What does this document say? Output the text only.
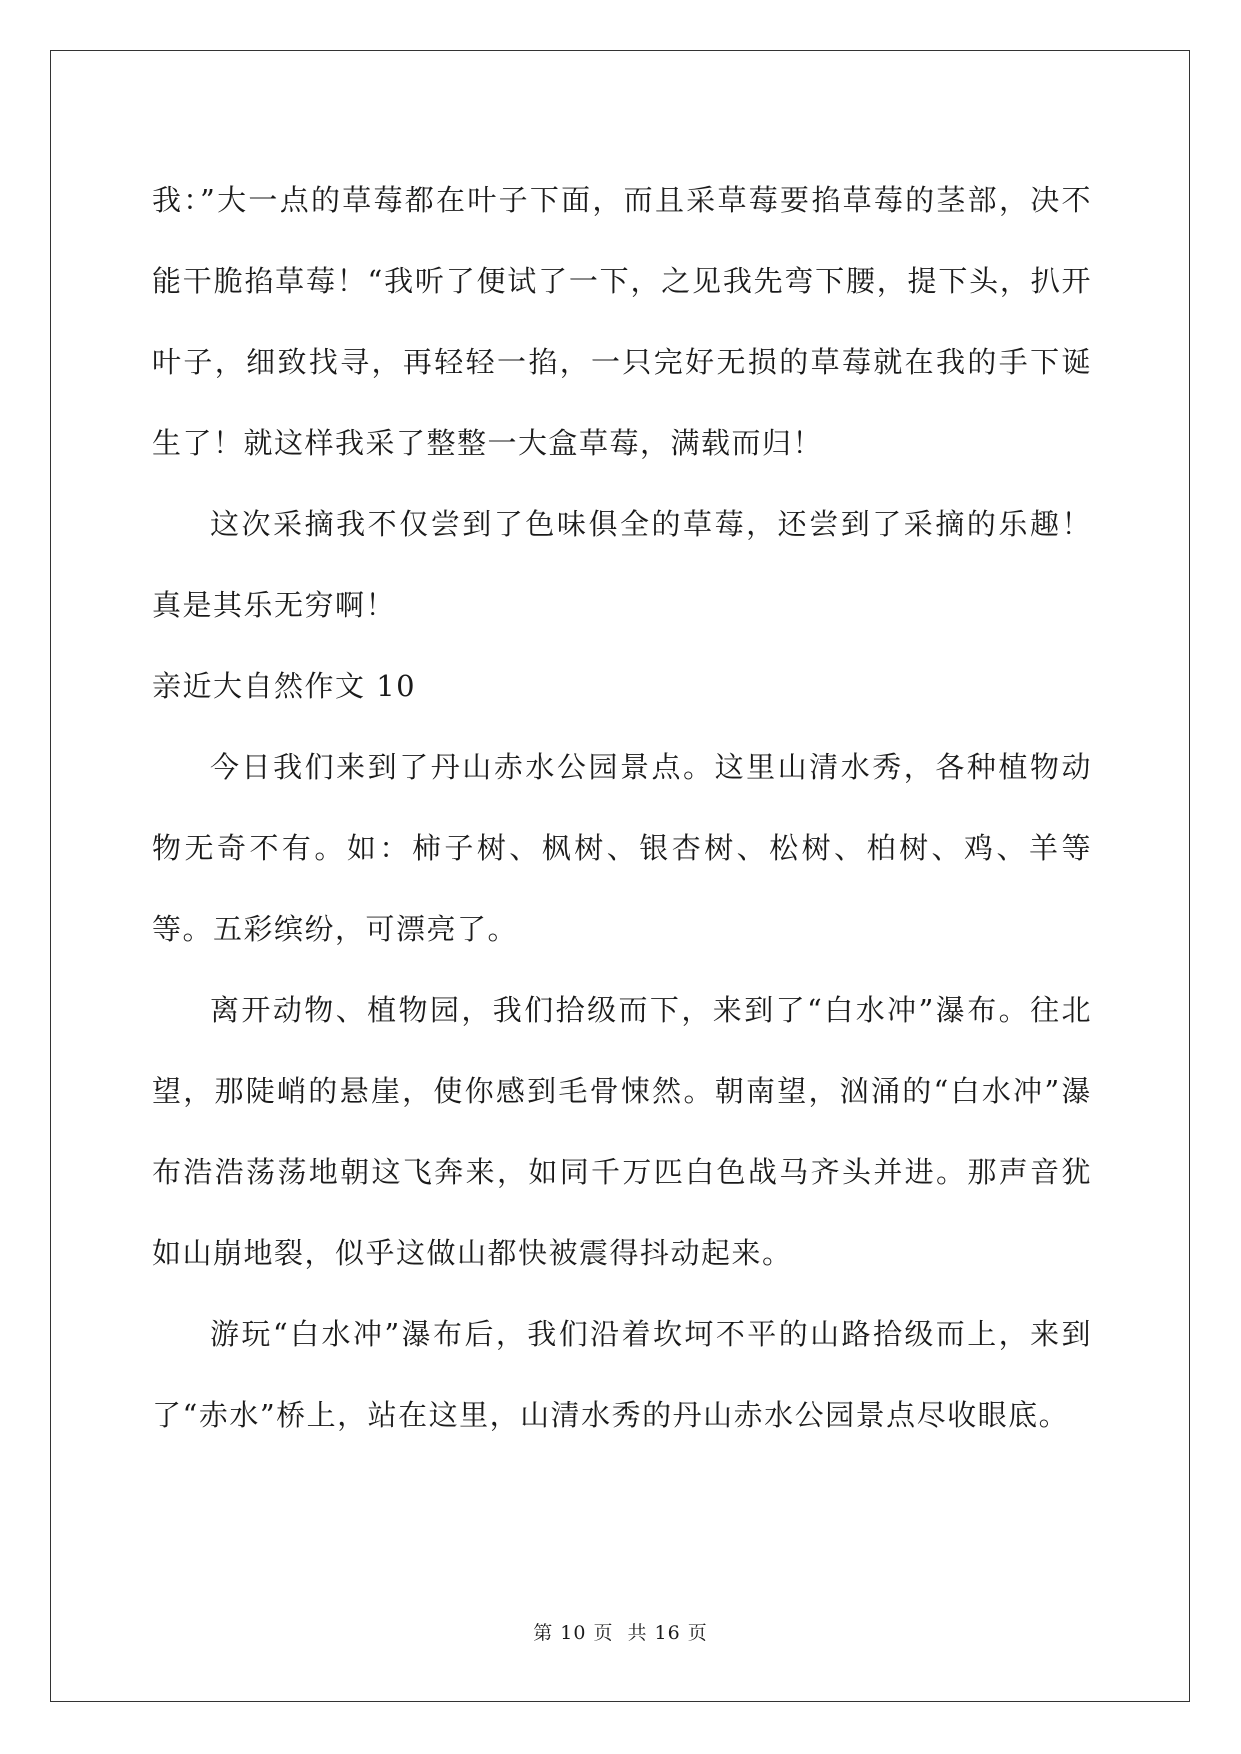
我：”大一点的草莓都在叶子下面，而且采草莓要掐草莓的茎部，决不能干脆掐草莓！“我听了便试了一下，之见我先弯下腰，提下头，扒开叶子，细致找寻，再轻轻一掐，一只完好无损的草莓就在我的手下诞生了！就这样我采了整整一大盒草莓，满载而归！

这次采摘我不仅尝到了色味俱全的草莓，还尝到了采摘的乐趣！真是其乐无穷啊！

亲近大自然作文 10

今日我们来到了丹山赤水公园景点。这里山清水秀，各种植物动物无奇不有。如：柿子树、枫树、银杏树、松树、柏树、鸡、羊等等。五彩缤纷，可漂亮了。

离开动物、植物园，我们拾级而下，来到了“白水冲”瀑布。往北望，那陡峭的悬崖，使你感到毛骨悚然。朝南望，汹涌的“白水冲”瀑布浩浩荡荡地朝这飞奔来，如同千万匹白色战马齐头并进。那声音犹如山崩地裂，似乎这做山都快被震得抖动起来。

游玩“白水冲”瀑布后，我们沿着坎坷不平的山路拾级而上，来到了“赤水”桥上，站在这里，山清水秀的丹山赤水公园景点尽收眼底。

第 10 页 共 16 页
